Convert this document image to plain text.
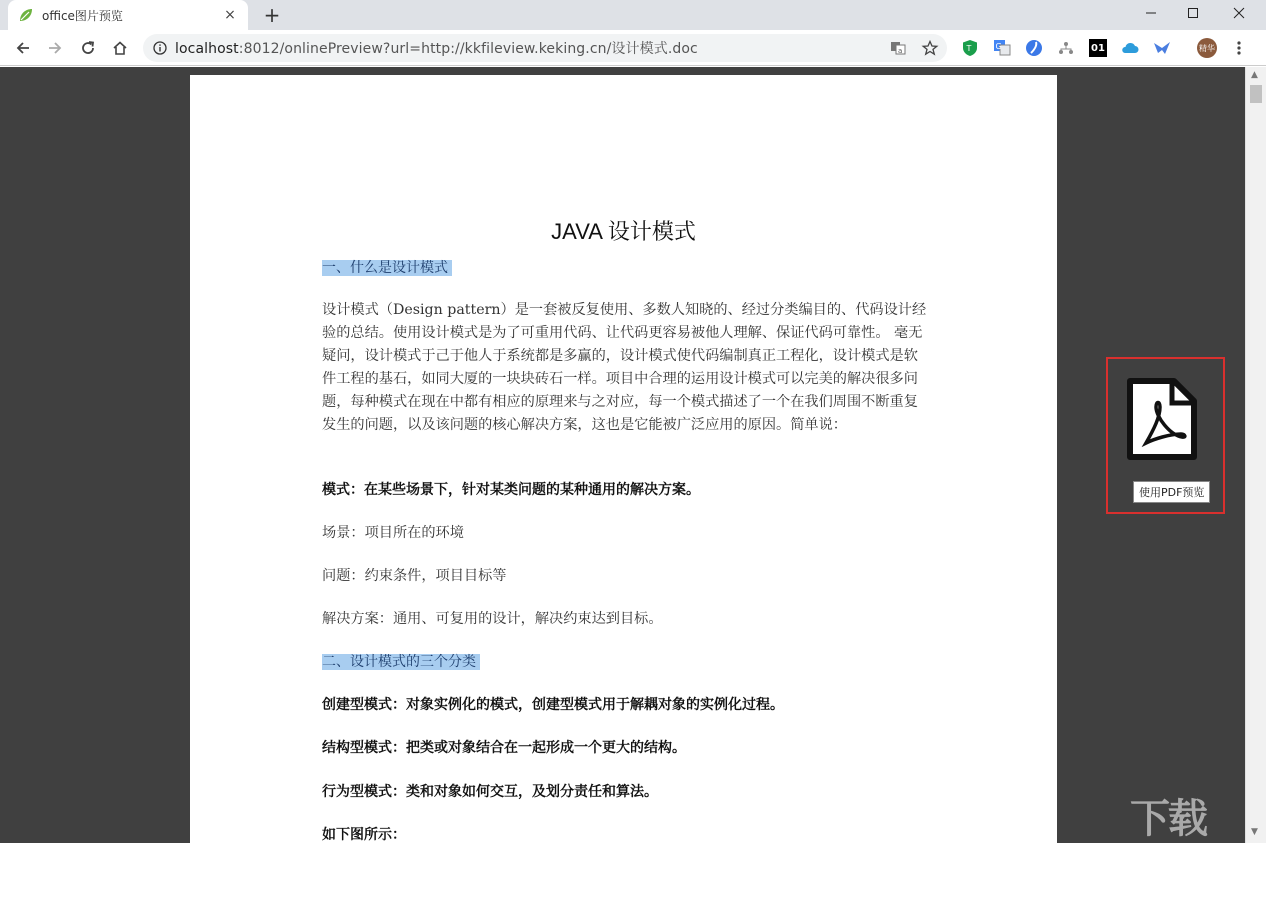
office图片预览	× +
localhost:8012/onlinePreview?url=http://kkfileview.keking.cn/设计模式.doc	a	T	G	01	精华
JAVA 设计模式
一、什么是设计模式
设计模式（Design pattern）是一套被反复使用、多数人知晓的、经过分类编目的、代码设计经验的总结。使用设计模式是为了可重用代码、让代码更容易被他人理解、保证代码可靠性。 毫无疑问，设计模式于己于他人于系统都是多赢的，设计模式使代码编制真正工程化，设计模式是软件工程的基石，如同大厦的一块块砖石一样。项目中合理的运用设计模式可以完美的解决很多问题，每种模式在现在中都有相应的原理来与之对应，每一个模式描述了一个在我们周围不断重复发生的问题，以及该问题的核心解决方案，这也是它能被广泛应用的原因。简单说：
模式：在某些场景下，针对某类问题的某种通用的解决方案。
场景：项目所在的环境
问题：约束条件，项目目标等
解决方案：通用、可复用的设计，解决约束达到目标。
二、设计模式的三个分类
创建型模式：对象实例化的模式，创建型模式用于解耦对象的实例化过程。
结构型模式：把类或对象结合在一起形成一个更大的结构。
行为型模式：类和对象如何交互，及划分责任和算法。
如下图所示：
▲
▼
使用PDF预览
下载吧
